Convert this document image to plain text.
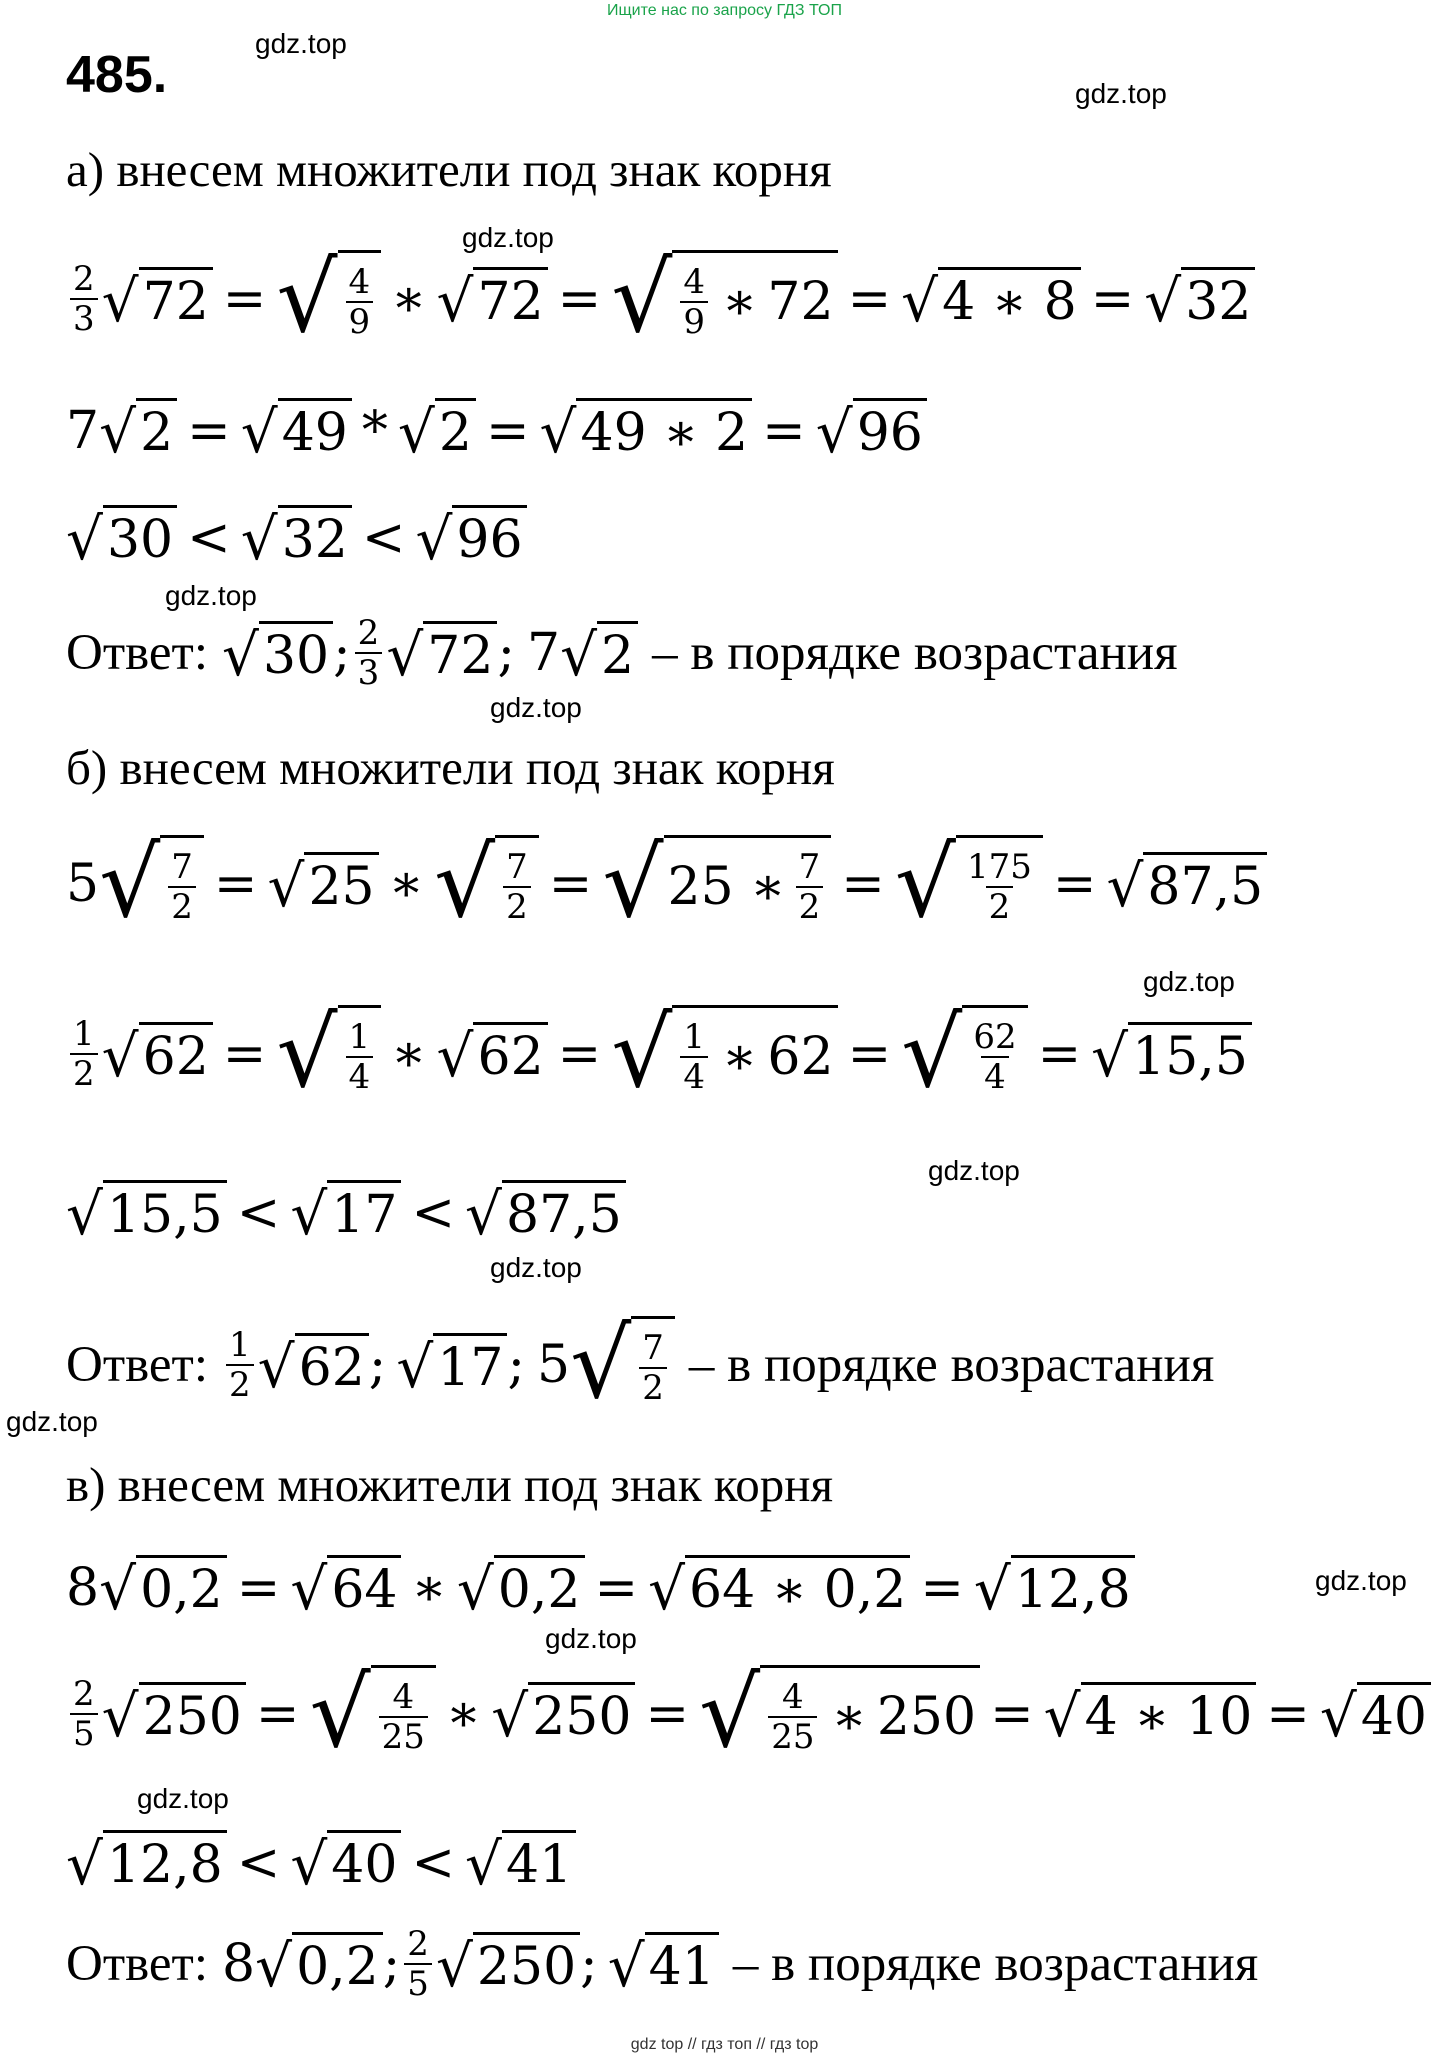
Ищите нас по запросу ГДЗ ТОП
485.
gdz.top
gdz.top
gdz.top
gdz.top
gdz.top
gdz.top
gdz.top
gdz.top
gdz.top
gdz.top
gdz.top
gdz.top
а) внесем множители под знак корня
$\frac{2}{3}$ √ 72 = √ $\frac{4}{9}$ ∗ √ 72 = √ $\frac{4}{9}$ ∗ 72 = √ 4 ∗ 8 = √ 32
7 √ 2 = √ 49 * √ 2 = √ 49 ∗ 2 = √ 96
√ 30 < √ 32 < √ 96
Ответ: √ 30 ; $\frac{2}{3}$ √ 72 ; 7 √ 2 – в порядке возрастания
б) внесем множители под знак корня
5 √ $\frac{7}{2}$ = √ 25 ∗ √ $\frac{7}{2}$ = √ 25 ∗ $\frac{7}{2}$ = √ $\frac{175}{2}$ = √ 87,5
$\frac{1}{2}$ √ 62 = √ $\frac{1}{4}$ ∗ √ 62 = √ $\frac{1}{4}$ ∗ 62 = √ $\frac{62}{4}$ = √ 15,5
√ 15,5 < √ 17 < √ 87,5
Ответ: $\frac{1}{2}$ √ 62 ; √ 17 ; 5 √ $\frac{7}{2}$ – в порядке возрастания
в) внесем множители под знак корня
8 √ 0,2 = √ 64 ∗ √ 0,2 = √ 64 ∗ 0,2 = √ 12,8
$\frac{2}{5}$ √ 250 = √ $\frac{4}{25}$ ∗ √ 250 = √ $\frac{4}{25}$ ∗ 250 = √ 4 ∗ 10 = √ 40
√ 12,8 < √ 40 < √ 41
Ответ: 8 √ 0,2 ; $\frac{2}{5}$ √ 250 ; √ 41 – в порядке возрастания
gdz top // гдз топ // гдз top
